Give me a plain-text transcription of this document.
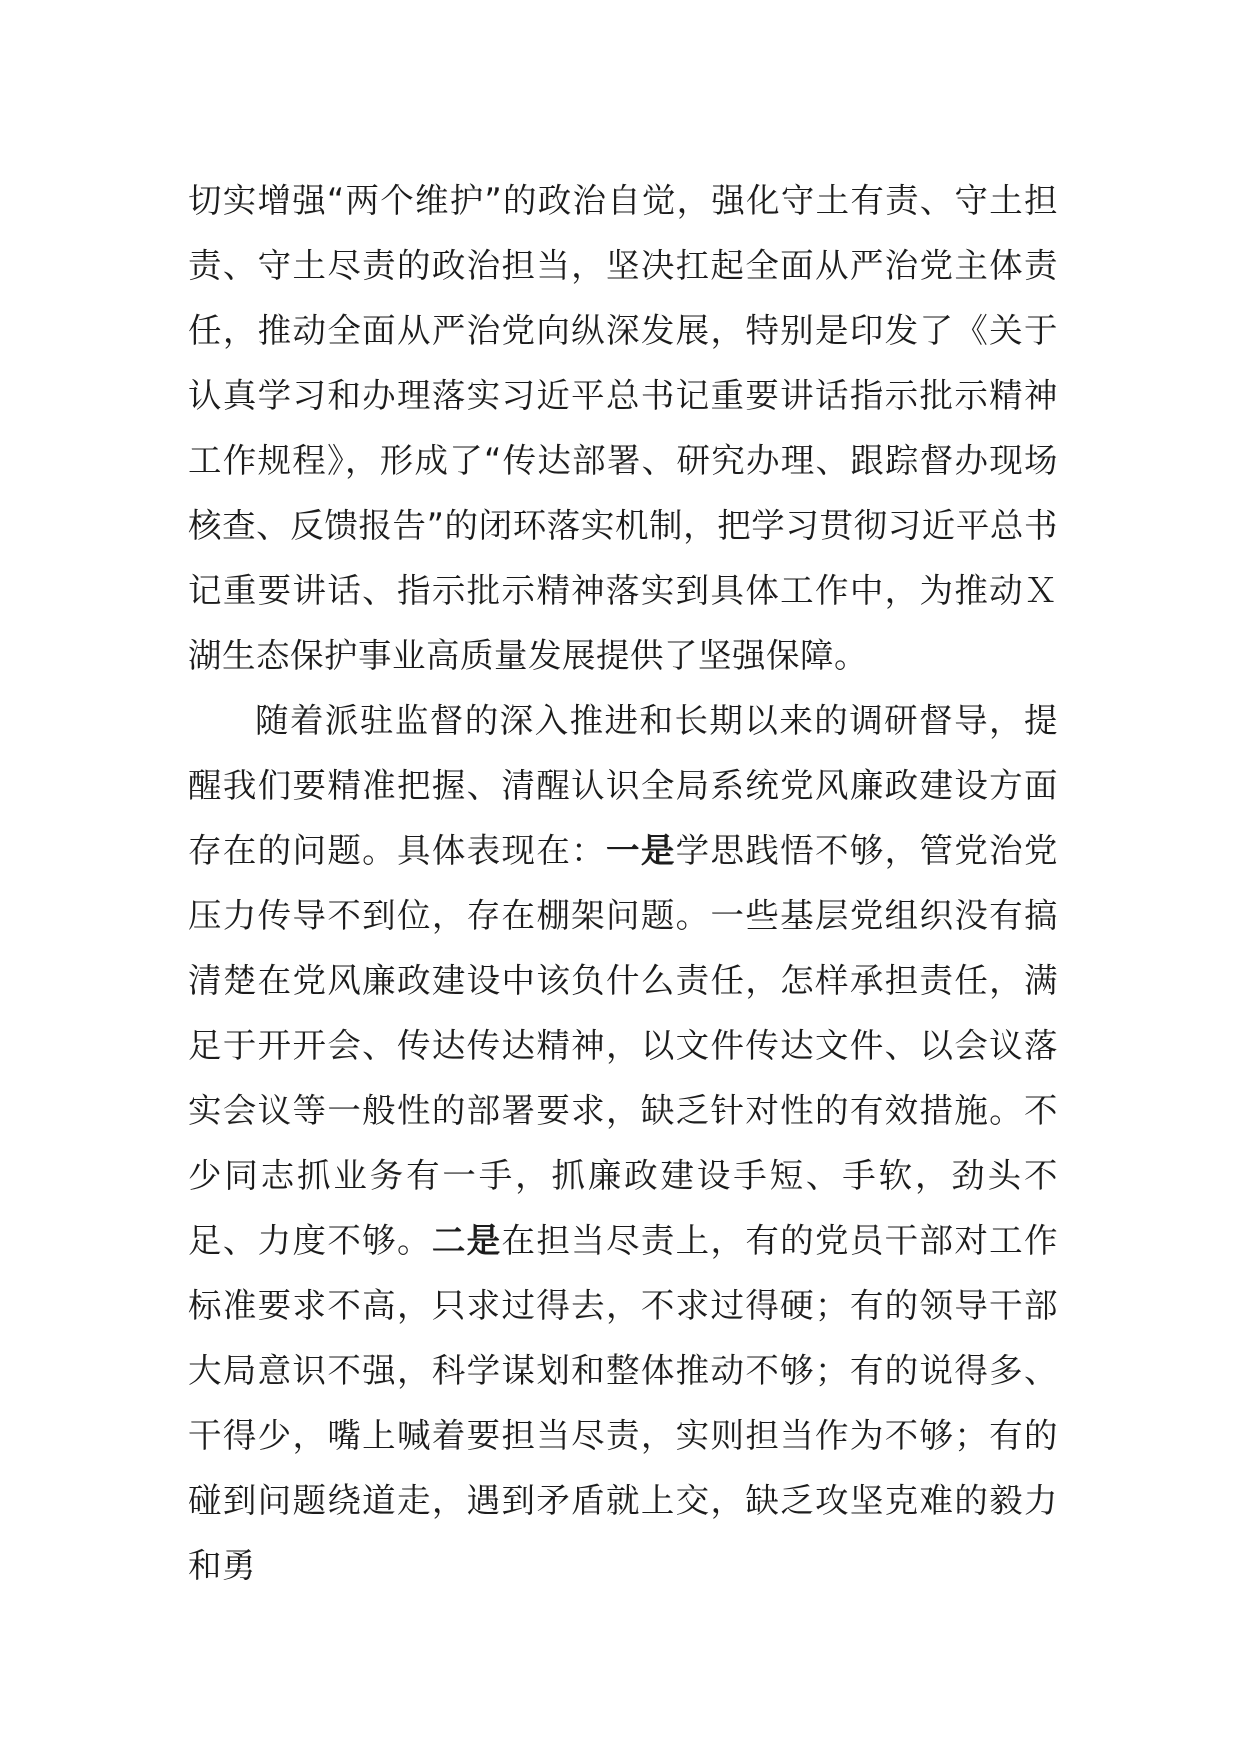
切实增强“两个维护”的政治自觉，强化守土有责、守土担责、守土尽责的政治担当，坚决扛起全面从严治党主体责任，推动全面从严治党向纵深发展，特别是印发了《关于认真学习和办理落实习近平总书记重要讲话指示批示精神工作规程》，形成了“传达部署、研究办理、跟踪督办现场核查、反馈报告”的闭环落实机制，把学习贯彻习近平总书记重要讲话、指示批示精神落实到具体工作中，为推动Ｘ湖生态保护事业高质量发展提供了坚强保障。

随着派驻监督的深入推进和长期以来的调研督导，提醒我们要精准把握、清醒认识全局系统党风廉政建设方面存在的问题。具体表现在：一是学思践悟不够，管党治党压力传导不到位，存在棚架问题。一些基层党组织没有搞清楚在党风廉政建设中该负什么责任，怎样承担责任，满足于开开会、传达传达精神，以文件传达文件、以会议落实会议等一般性的部署要求，缺乏针对性的有效措施。不少同志抓业务有一手，抓廉政建设手短、手软，劲头不足、力度不够。二是在担当尽责上，有的党员干部对工作标准要求不高，只求过得去，不求过得硬；有的领导干部大局意识不强，科学谋划和整体推动不够；有的说得多、干得少，嘴上喊着要担当尽责，实则担当作为不够；有的碰到问题绕道走，遇到矛盾就上交，缺乏攻坚克难的毅力和勇
